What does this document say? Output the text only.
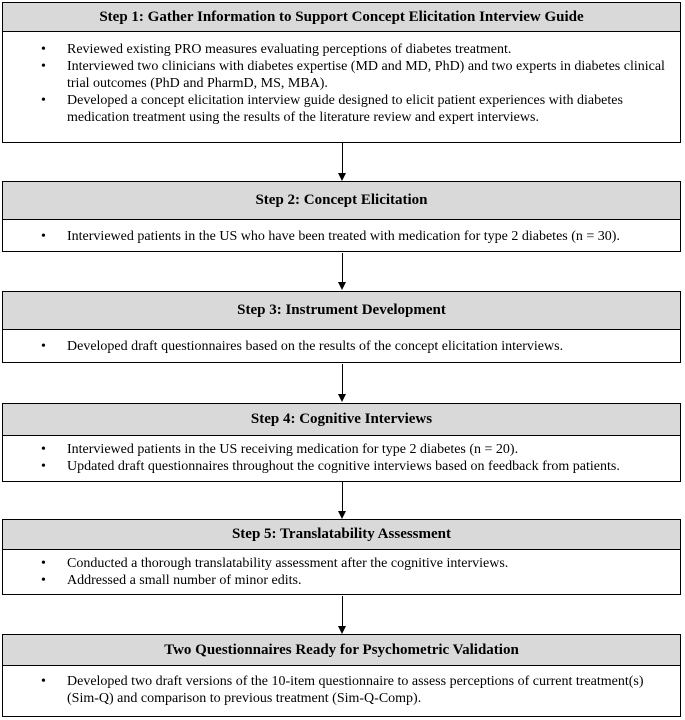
Step 1: Gather Information to Support Concept Elicitation Interview Guide
• Reviewed existing PRO measures evaluating perceptions of diabetes treatment.
• Interviewed two clinicians with diabetes expertise (MD and MD, PhD) and two experts in diabetes clinical trial outcomes (PhD and PharmD, MS, MBA).
• Developed a concept elicitation interview guide designed to elicit patient experiences with diabetes medication treatment using the results of the literature review and expert interviews.
Step 2: Concept Elicitation
• Interviewed patients in the US who have been treated with medication for type 2 diabetes (n = 30).
Step 3: Instrument Development
• Developed draft questionnaires based on the results of the concept elicitation interviews.
Step 4: Cognitive Interviews
• Interviewed patients in the US receiving medication for type 2 diabetes (n = 20).
• Updated draft questionnaires throughout the cognitive interviews based on feedback from patients.
Step 5: Translatability Assessment
• Conducted a thorough translatability assessment after the cognitive interviews.
• Addressed a small number of minor edits.
Two Questionnaires Ready for Psychometric Validation
• Developed two draft versions of the 10-item questionnaire to assess perceptions of current treatment(s) (Sim-Q) and comparison to previous treatment (Sim-Q-Comp).
